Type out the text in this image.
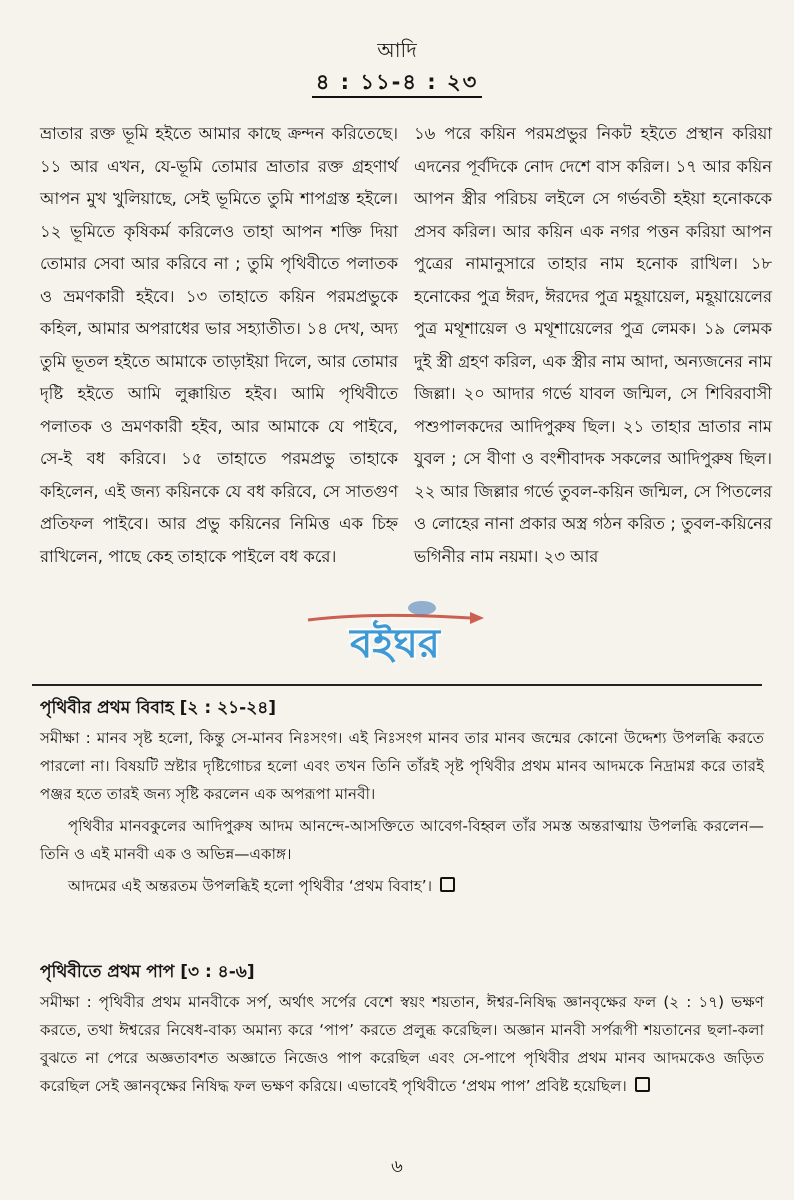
আদি
৪ : ১১-৪ : ২৩

ভ্রাতার রক্ত ভূমি হইতে আমার কাছে ক্রন্দন করিতেছে। ১১ আর এখন, যে-ভূমি তোমার ভ্রাতার রক্ত গ্রহণার্থ আপন মুখ খুলিয়াছে, সেই ভূমিতে তুমি শাপগ্রস্ত হইলে। ১২ ভূমিতে কৃষিকর্ম করিলেও তাহা আপন শক্তি দিয়া তোমার সেবা আর করিবে না ; তুমি পৃথিবীতে পলাতক ও ভ্রমণকারী হইবে। ১৩ তাহাতে কয়িন পরমপ্রভুকে কহিল, আমার অপরাধের ভার সহ্যাতীত। ১৪ দেখ, অদ্য তুমি ভূতল হইতে আমাকে তাড়াইয়া দিলে, আর তোমার দৃষ্টি হইতে আমি লুক্কায়িত হইব। আমি পৃথিবীতে পলাতক ও ভ্রমণকারী হইব, আর আমাকে যে পাইবে, সে-ই বধ করিবে। ১৫ তাহাতে পরমপ্রভু তাহাকে কহিলেন, এই জন্য কয়িনকে যে বধ করিবে, সে সাতগুণ প্রতিফল পাইবে। আর প্রভু কয়িনের নিমিত্ত এক চিহ্ন রাখিলেন, পাছে কেহ তাহাকে পাইলে বধ করে।

১৬ পরে কয়িন পরমপ্রভুর নিকট হইতে প্রস্থান করিয়া এদনের পূর্বদিকে নোদ দেশে বাস করিল। ১৭ আর কয়িন আপন স্ত্রীর পরিচয় লইলে সে গর্ভবতী হইয়া হনোককে প্রসব করিল। আর কয়িন এক নগর পত্তন করিয়া আপন পুত্রের নামানুসারে তাহার নাম হনোক রাখিল। ১৮ হনোকের পুত্র ঈরদ, ঈরদের পুত্র মহূয়ায়েল, মহূয়ায়েলের পুত্র মথূশায়েল ও মথূশায়েলের পুত্র লেমক। ১৯ লেমক দুই স্ত্রী গ্রহণ করিল, এক স্ত্রীর নাম আদা, অন্যজনের নাম জিল্লা। ২০ আদার গর্ভে যাবল জন্মিল, সে শিবিরবাসী পশুপালকদের আদিপুরুষ ছিল। ২১ তাহার ভ্রাতার নাম যুবল ; সে বীণা ও বংশীবাদক সকলের আদিপুরুষ ছিল। ২২ আর জিল্লার গর্ভে তুবল-কয়িন জন্মিল, সে পিতলের ও লোহের নানা প্রকার অস্ত্র গঠন করিত ; তুবল-কয়িনের ভগিনীর নাম নয়মা। ২৩ আর

বইঘর
পৃথিবীর প্রথম বিবাহ [২ : ২১-২৪]

সমীক্ষা : মানব সৃষ্ট হলো, কিন্তু সে-মানব নিঃসংগ। এই নিঃসংগ মানব তার মানব জন্মের কোনো উদ্দেশ্য উপলব্ধি করতে পারলো না। বিষয়টি স্রষ্টার দৃষ্টিগোচর হলো এবং তখন তিনি তাঁরই সৃষ্ট পৃথিবীর প্রথম মানব আদমকে নিদ্রামগ্ন করে তারই পঞ্জর হতে তারই জন্য সৃষ্টি করলেন এক অপরূপা মানবী।

পৃথিবীর মানবকুলের আদিপুরুষ আদম আনন্দে-আসক্তিতে আবেগ-বিহ্বল তাঁর সমস্ত অন্তরাত্মায় উপলব্ধি করলেন— তিনি ও এই মানবী এক ও অভিন্ন—একাঙ্গ।

আদমের এই অন্তরতম উপলব্ধিই হলো পৃথিবীর ‘প্রথম বিবাহ’।

পৃথিবীতে প্রথম পাপ [৩ : ৪-৬]

সমীক্ষা : পৃথিবীর প্রথম মানবীকে সর্প, অর্থাৎ সর্পের বেশে স্বয়ং শয়তান, ঈশ্বর-নিষিদ্ধ জ্ঞানবৃক্ষের ফল (২ : ১৭) ভক্ষণ করতে, তথা ঈশ্বরের নিষেধ-বাক্য অমান্য করে ‘পাপ’ করতে প্রলুব্ধ করেছিল। অজ্ঞান মানবী সর্পরূপী শয়তানের ছলা-কলা বুঝতে না পেরে অজ্ঞতাবশত অজ্ঞাতে নিজেও পাপ করেছিল এবং সে-পাপে পৃথিবীর প্রথম মানব আদমকেও জড়িত করেছিল সেই জ্ঞানবৃক্ষের নিষিদ্ধ ফল ভক্ষণ করিয়ে। এভাবেই পৃথিবীতে ‘প্রথম পাপ’ প্রবিষ্ট হয়েছিল।

৬
